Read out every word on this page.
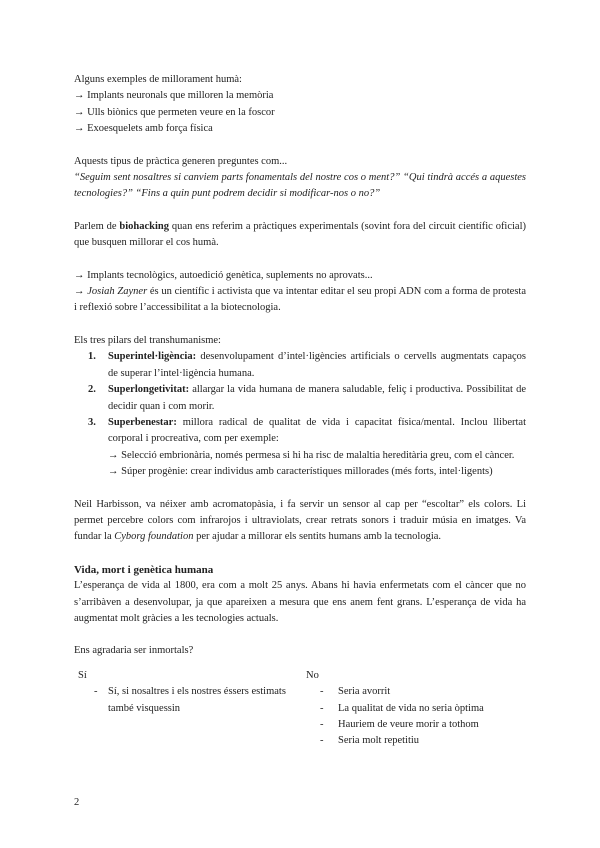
Alguns exemples de millorament humà:

→ Implants neuronals que milloren la memòria

→ Ulls biònics que permeten veure en la foscor

→ Exoesquelets amb força física

Aquests tipus de pràctica generen preguntes com...

“Seguim sent nosaltres si canviem parts fonamentals del nostre cos o ment?” “Qui tindrà accés a aquestes tecnologies?” “Fins a quin punt podrem decidir si modificar-nos o no?”

Parlem de biohacking quan ens referim a pràctiques experimentals (sovint fora del circuit científic oficial) que busquen millorar el cos humà.

→ Implants tecnològics, autoedició genètica, suplements no aprovats...

→ Josiah Zayner és un científic i activista que va intentar editar el seu propi ADN com a forma de protesta i reflexió sobre l’accessibilitat a la biotecnologia.

Els tres pilars del transhumanisme:

1. Superintel·ligència: desenvolupament d’intel·ligències artificials o cervells augmentats capaços de superar l’intel·ligència humana.
2. Superlongetivitat: allargar la vida humana de manera saludable, feliç i productiva. Possibilitat de decidir quan i com morir.
3. Superbenestar: millora radical de qualitat de vida i capacitat física/mental. Inclou llibertat corporal i procreativa, com per exemple:

→ Selecció embrionària, només permesa si hi ha risc de malaltia hereditària greu, com el càncer.

→ Súper progènie: crear individus amb característiques millorades (més forts, intel·ligents)

Neil Harbisson, va néixer amb acromatopàsia, i fa servir un sensor al cap per “escoltar” els colors. Li permet percebre colors com infrarojos i ultraviolats, crear retrats sonors i traduir músia en imatges. Va fundar la Cyborg foundation per ajudar a millorar els sentits humans amb la tecnologia.

Vida, mort i genètica humana

L’esperança de vida al 1800, era com a molt 25 anys. Abans hi havia enfermetats com el càncer que no s’arribàven a desenvolupar, ja que apareixen a mesura que ens anem fent grans. L’esperança de vida ha augmentat molt gràcies a les tecnologies actuals.

Ens agradaria ser inmortals?

Sí

- Sí, si nosaltres i els nostres éssers estimats també visquessin

No

- Seria avorrit
- La qualitat de vida no seria òptima
- Hauriem de veure morir a tothom
- Seria molt repetitiu
2
